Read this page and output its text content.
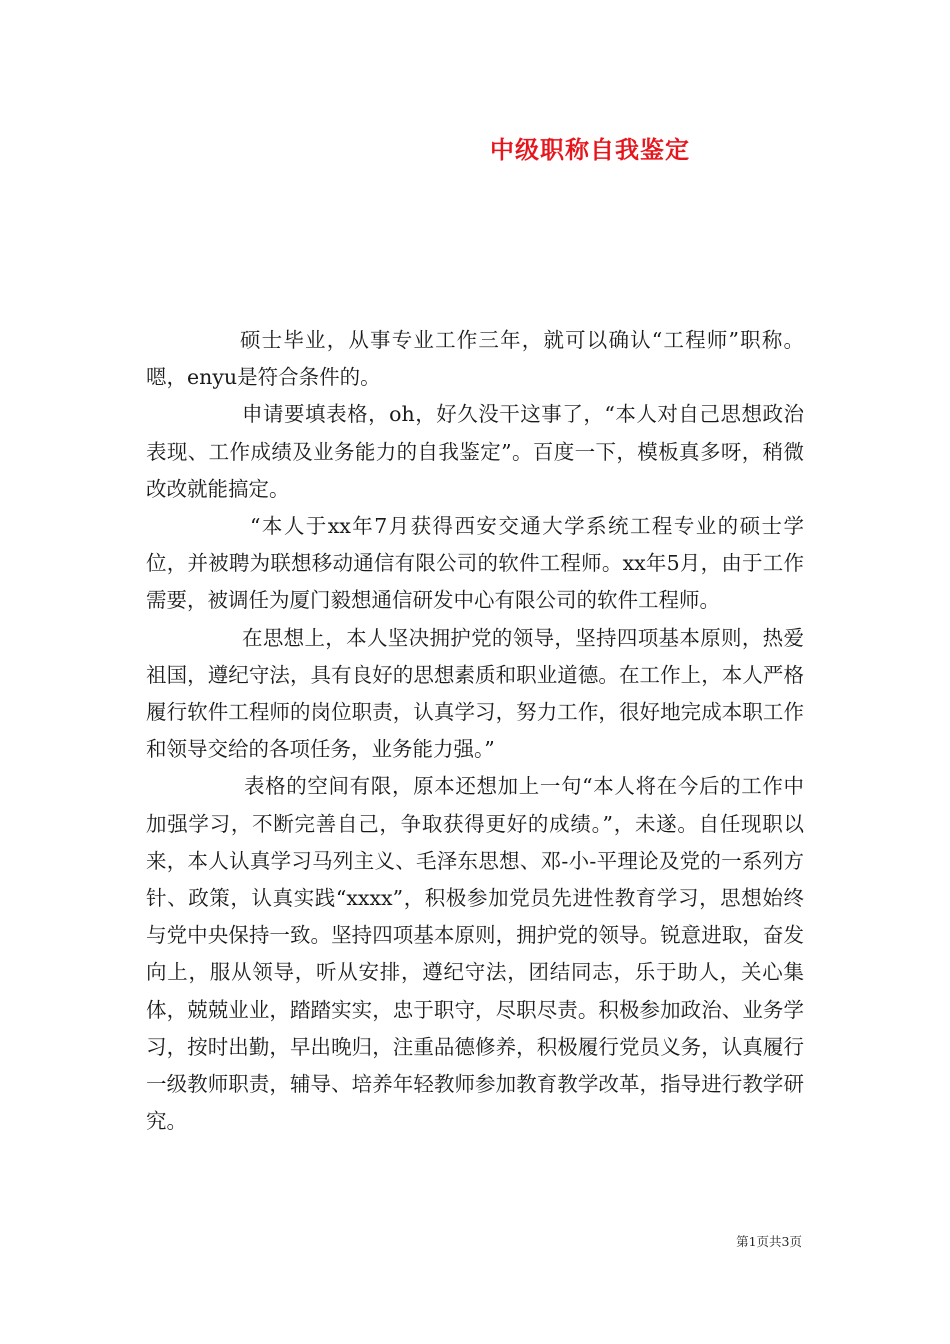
中级职称自我鉴定

硕士毕业，从事专业工作三年，就可以确认“工程师”职称。嗯，enyu是符合条件的。

申请要填表格，oh，好久没干这事了，“本人对自己思想政治表现、工作成绩及业务能力的自我鉴定”。百度一下，模板真多呀，稍微改改就能搞定。

“本人于xx年7月获得西安交通大学系统工程专业的硕士学位，并被聘为联想移动通信有限公司的软件工程师。xx年5月，由于工作需要，被调任为厦门毅想通信研发中心有限公司的软件工程师。

在思想上，本人坚决拥护党的领导，坚持四项基本原则，热爱祖国，遵纪守法，具有良好的思想素质和职业道德。在工作上，本人严格履行软件工程师的岗位职责，认真学习，努力工作，很好地完成本职工作和领导交给的各项任务，业务能力强。”

表格的空间有限，原本还想加上一句“本人将在今后的工作中加强学习，不断完善自己，争取获得更好的成绩。”，未遂。自任现职以来，本人认真学习马列主义、毛泽东思想、邓-小-平理论及党的一系列方针、政策，认真实践“xxxx”，积极参加党员先进性教育学习，思想始终与党中央保持一致。坚持四项基本原则，拥护党的领导。锐意进取，奋发向上，服从领导，听从安排，遵纪守法，团结同志，乐于助人，关心集体，兢兢业业，踏踏实实，忠于职守，尽职尽责。积极参加政治、业务学习，按时出勤，早出晚归，注重品德修养，积极履行党员义务，认真履行一级教师职责，辅导、培养年轻教师参加教育教学改革，指导进行教学研究。

第1页共3页
